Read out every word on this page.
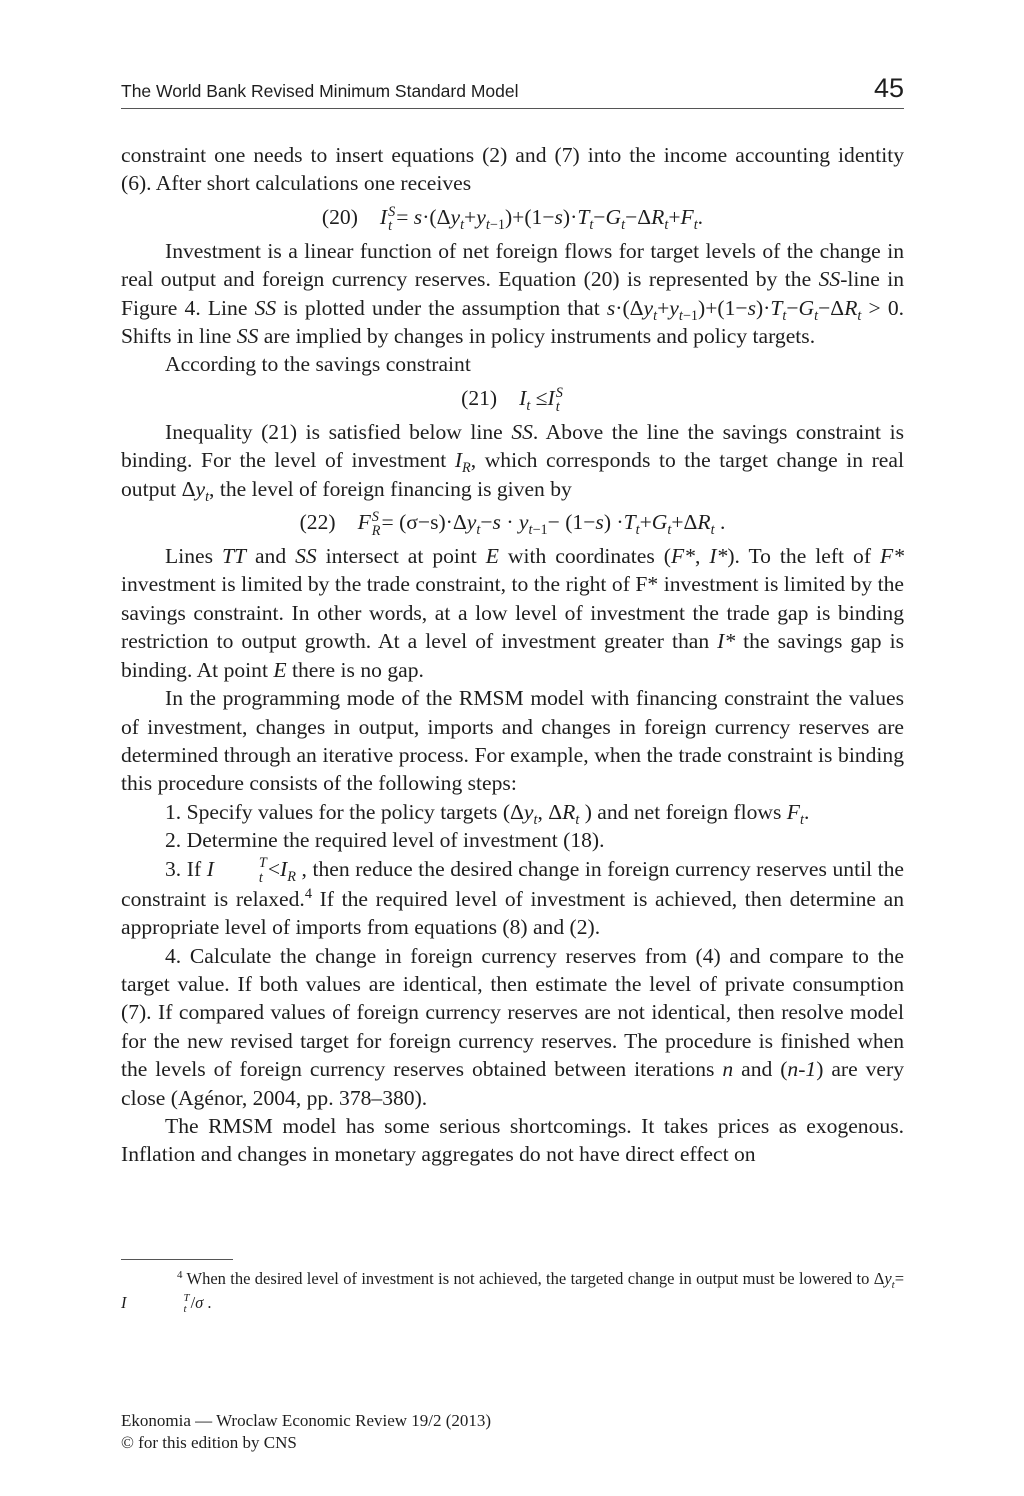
The World Bank Revised Minimum Standard Model	45

constraint one needs to insert equations (2) and (7) into the income accounting identity (6). After short calculations one receives

(20) I S
$t = s\cdot(\Delta y_t+y_{t-1})+(1-s)\cdot T_t-G_t-\Delta R_t+F_t$.

Investment is a linear function of net foreign flows for target levels of the change in real output and foreign currency reserves. Equation (20) is represented by the SS-line in Figure 4. Line SS is plotted under the assumption that $s\cdot(\Delta y_t+y_{t-1})+(1-s)\cdot T_t-G_t-\Delta R_t > 0$. Shifts in line SS are implied by changes in policy instruments and policy targets.

According to the savings constraint

(21) $I_t \le I$ S
t

Inequality (21) is satisfied below line SS. Above the line the savings constraint is binding. For the level of investment $I_R$, which corresponds to the target change in real output $\Delta y_t$, the level of foreign financing is given by

(22) F S
$R = (\sigma-s)\cdot\Delta y_t-s \cdot y_{t-1}- (1-s) \cdot T_t+G_t+\Delta R_t$ .

Lines TT and SS intersect at point E with coordinates (F*, I*). To the left of F* investment is limited by the trade constraint, to the right of F* investment is limited by the savings constraint. In other words, at a low level of investment the trade gap is binding restriction to output growth. At a level of investment greater than I* the savings gap is binding. At point E there is no gap.

In the programming mode of the RMSM model with financing constraint the values of investment, changes in output, imports and changes in foreign currency reserves are determined through an iterative process. For example, when the trade constraint is binding this procedure consists of the following steps:

1. Specify values for the policy targets ($\Delta y_t$, $\Delta R_t$ ) and net foreign flows $F_t$.

2. Determine the required level of investment (18).

3. If I	T
$t <I_R$ , then reduce the desired change in foreign currency reserves until the constraint is relaxed.$^4$ If the required level of investment is achieved, then determine an appropriate level of imports from equations (8) and (2).

4. Calculate the change in foreign currency reserves from (4) and compare to the target value. If both values are identical, then estimate the level of private consumption (7). If compared values of foreign currency reserves are not identical, then resolve model for the new revised target for foreign currency reserves. The procedure is finished when the levels of foreign currency reserves obtained between iterations n and (n-1) are very close (Agénor, 2004, pp. 378–380).

The RMSM model has some serious shortcomings. It takes prices as exogenous. Inflation and changes in monetary aggregates do not have direct effect on

$^4$ When the desired level of investment is not achieved, the targeted change in output must be lowered to $\Delta y_t= I$	T
t /σ .

Ekonomia — Wroclaw Economic Review 19/2 (2013)
© for this edition by CNS
